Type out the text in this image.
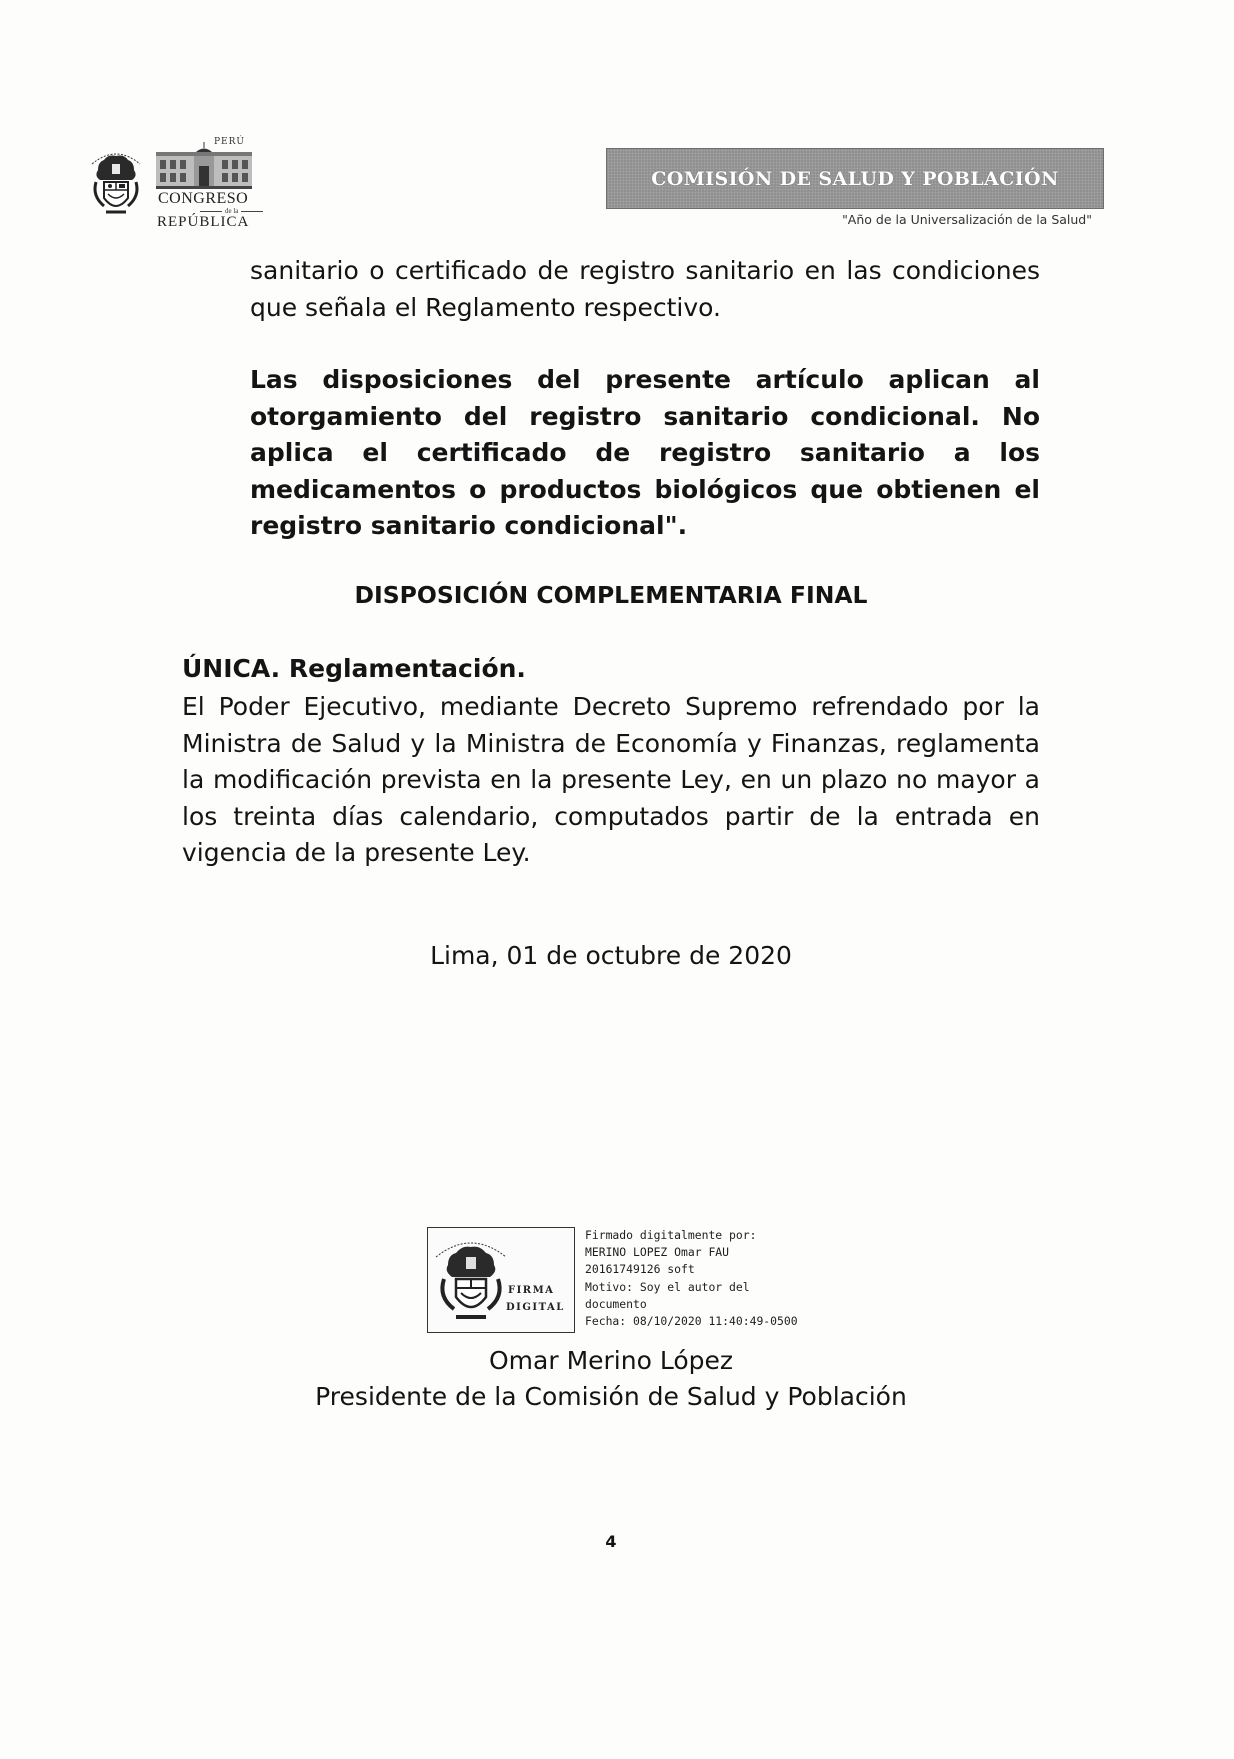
PERÚ
CONGRESO
de la
REPÚBLICA
COMISIÓN DE SALUD Y POBLACIÓN
"Año de la Universalización de la Salud"
sanitario o certificado de registro sanitario en las condiciones que señala el Reglamento respectivo.
Las disposiciones del presente artículo aplican al otorgamiento del registro sanitario condicional. No aplica el certificado de registro sanitario a los medicamentos o productos biológicos que obtienen el registro sanitario condicional".
DISPOSICIÓN COMPLEMENTARIA FINAL
ÚNICA. Reglamentación.
El Poder Ejecutivo, mediante Decreto Supremo refrendado por la Ministra de Salud y la Ministra de Economía y Finanzas, reglamenta la modificación prevista en la presente Ley, en un plazo no mayor a los treinta días calendario, computados partir de la entrada en vigencia de la presente Ley.
Lima, 01 de octubre de 2020
FIRMA
DIGITAL
Firmado digitalmente por:
MERINO LOPEZ Omar FAU
20161749126 soft
Motivo: Soy el autor del
documento
Fecha: 08/10/2020 11:40:49-0500
Omar Merino López
Presidente de la Comisión de Salud y Población
4
